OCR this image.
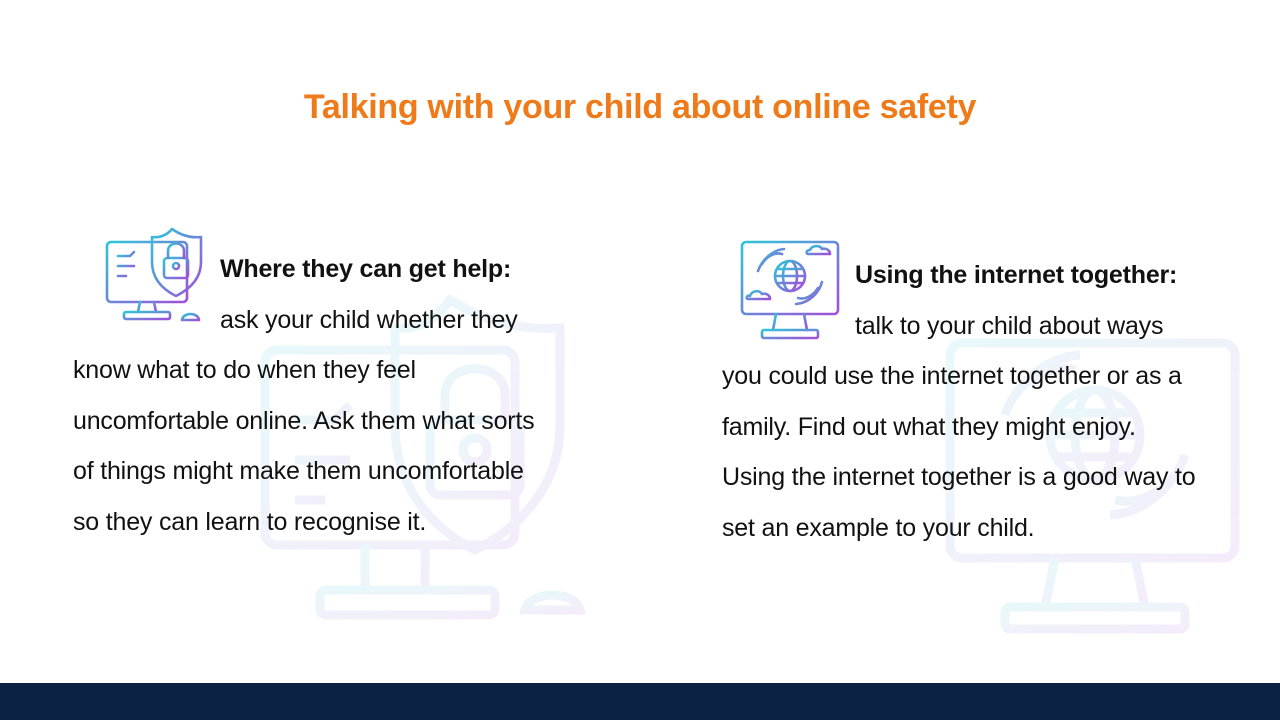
Talking with your child about online safety

Where they can get help: ask your child whether they know what to do when they feel uncomfortable online. Ask them what sorts of things might make them uncomfortable so they can learn to recognise it.

Using the internet together: talk to your child about ways you could use the internet together or as a family. Find out what they might enjoy. Using the internet together is a good way to set an example to your child.
